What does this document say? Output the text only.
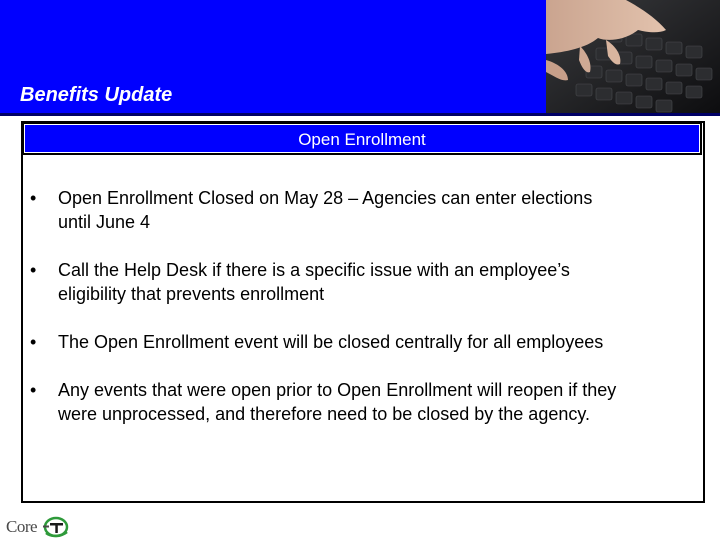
Benefits Update
Open Enrollment
•	Open Enrollment Closed on May 28 – Agencies can enter elections
until June 4
•	Call the Help Desk if there is a specific issue with an employee’s
eligibility that prevents enrollment
•	The Open Enrollment event will be closed centrally for all employees
•	Any events that were open prior to Open Enrollment will reopen if they
were unprocessed, and therefore need to be closed by the agency.
Core
